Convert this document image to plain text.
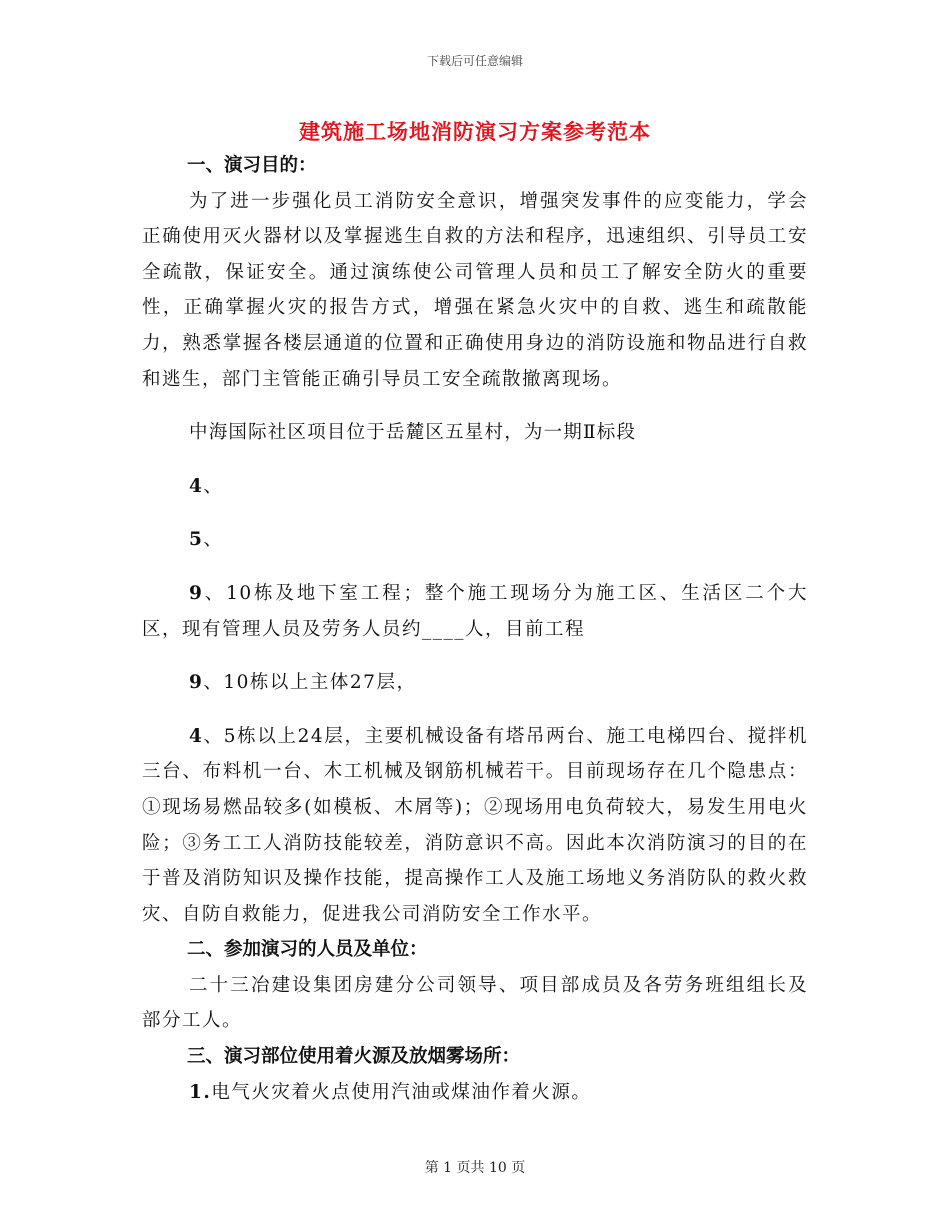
下载后可任意编辑
建筑施工场地消防演习方案参考范本

一、演习目的：

为了进一步强化员工消防安全意识，增强突发事件的应变能力，学会正确使用灭火器材以及掌握逃生自救的方法和程序，迅速组织、引导员工安全疏散，保证安全。通过演练使公司管理人员和员工了解安全防火的重要性，正确掌握火灾的报告方式，增强在紧急火灾中的自救、逃生和疏散能力，熟悉掌握各楼层通道的位置和正确使用身边的消防设施和物品进行自救和逃生，部门主管能正确引导员工安全疏散撤离现场。

中海国际社区项目位于岳麓区五星村，为一期Ⅱ标段

4、

5、

9、10栋及地下室工程；整个施工现场分为施工区、生活区二个大区，现有管理人员及劳务人员约____人，目前工程

9、10栋以上主体27层，

4、5栋以上24层，主要机械设备有塔吊两台、施工电梯四台、搅拌机三台、布料机一台、木工机械及钢筋机械若干。目前现场存在几个隐患点：①现场易燃品较多(如模板、木屑等)；②现场用电负荷较大，易发生用电火险；③务工工人消防技能较差，消防意识不高。因此本次消防演习的目的在于普及消防知识及操作技能，提高操作工人及施工场地义务消防队的救火救灾、自防自救能力，促进我公司消防安全工作水平。

二、参加演习的人员及单位：

二十三冶建设集团房建分公司领导、项目部成员及各劳务班组组长及部分工人。

三、演习部位使用着火源及放烟雾场所：

1.电气火灾着火点使用汽油或煤油作着火源。

第 1 页共 10 页
